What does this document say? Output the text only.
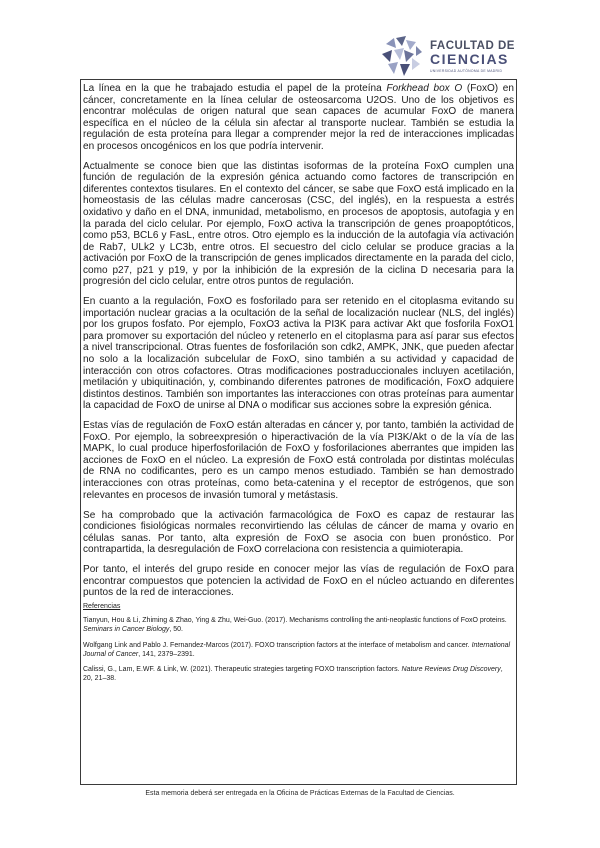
FACULTAD DE
CIENCIAS
UNIVERSIDAD AUTÓNOMA DE MADRID

La línea en la que he trabajado estudia el papel de la proteína Forkhead box O (FoxO) en cáncer, concretamente en la línea celular de osteosarcoma U2OS. Uno de los objetivos es encontrar moléculas de origen natural que sean capaces de acumular FoxO de manera específica en el núcleo de la célula sin afectar al transporte nuclear. También se estudia la regulación de esta proteína para llegar a comprender mejor la red de interacciones implicadas en procesos oncogénicos en los que podría intervenir.

Actualmente se conoce bien que las distintas isoformas de la proteína FoxO cumplen una función de regulación de la expresión génica actuando como factores de transcripción en diferentes contextos tisulares. En el contexto del cáncer, se sabe que FoxO está implicado en la homeostasis de las células madre cancerosas (CSC, del inglés), en la respuesta a estrés oxidativo y daño en el DNA, inmunidad, metabolismo, en procesos de apoptosis, autofagia y en la parada del ciclo celular. Por ejemplo, FoxO activa la transcripción de genes proapoptóticos, como p53, BCL6 y FasL, entre otros. Otro ejemplo es la inducción de la autofagia vía activación de Rab7, ULk2 y LC3b, entre otros. El secuestro del ciclo celular se produce gracias a la activación por FoxO de la transcripción de genes implicados directamente en la parada del ciclo, como p27, p21 y p19, y por la inhibición de la expresión de la ciclina D necesaria para la progresión del ciclo celular, entre otros puntos de regulación.

En cuanto a la regulación, FoxO es fosforilado para ser retenido en el citoplasma evitando su importación nuclear gracias a la ocultación de la señal de localización nuclear (NLS, del inglés) por los grupos fosfato. Por ejemplo, FoxO3 activa la PI3K para activar Akt que fosforila FoxO1 para promover su exportación del núcleo y retenerlo en el citoplasma para así parar sus efectos a nivel transcripcional. Otras fuentes de fosforilación son cdk2, AMPK, JNK, que pueden afectar no solo a la localización subcelular de FoxO, sino también a su actividad y capacidad de interacción con otros cofactores. Otras modificaciones postraduccionales incluyen acetilación, metilación y ubiquitinación, y, combinando diferentes patrones de modificación, FoxO adquiere distintos destinos. También son importantes las interacciones con otras proteínas para aumentar la capacidad de FoxO de unirse al DNA o modificar sus acciones sobre la expresión génica.

Estas vías de regulación de FoxO están alteradas en cáncer y, por tanto, también la actividad de FoxO. Por ejemplo, la sobreexpresión o hiperactivación de la vía PI3K/Akt o de la vía de las MAPK, lo cual produce hiperfosforilación de FoxO y fosforilaciones aberrantes que impiden las acciones de FoxO en el núcleo. La expresión de FoxO está controlada por distintas moléculas de RNA no codificantes, pero es un campo menos estudiado. También se han demostrado interacciones con otras proteínas, como beta-catenina y el receptor de estrógenos, que son relevantes en procesos de invasión tumoral y metástasis.

Se ha comprobado que la activación farmacológica de FoxO es capaz de restaurar las condiciones fisiológicas normales reconvirtiendo las células de cáncer de mama y ovario en células sanas. Por tanto, alta expresión de FoxO se asocia con buen pronóstico. Por contrapartida, la desregulación de FoxO correlaciona con resistencia a quimioterapia.

Por tanto, el interés del grupo reside en conocer mejor las vías de regulación de FoxO para encontrar compuestos que potencien la actividad de FoxO en el núcleo actuando en diferentes puntos de la red de interacciones.

Referencias
Tianyun, Hou & Li, Zhiming & Zhao, Ying & Zhu, Wei-Guo. (2017). Mechanisms controlling the anti-neoplastic functions of FoxO proteins. Seminars in Cancer Biology, 50.
Wolfgang Link and Pablo J. Fernandez-Marcos (2017). FOXO transcription factors at the interface of metabolism and cancer. International Journal of Cancer, 141, 2379–2391.
Calissi, G., Lam, E.WF. & Link, W. (2021). Therapeutic strategies targeting FOXO transcription factors. Nature Reviews Drug Discovery, 20, 21–38.
Esta memoria deberá ser entregada en la Oficina de Prácticas Externas de la Facultad de Ciencias.
